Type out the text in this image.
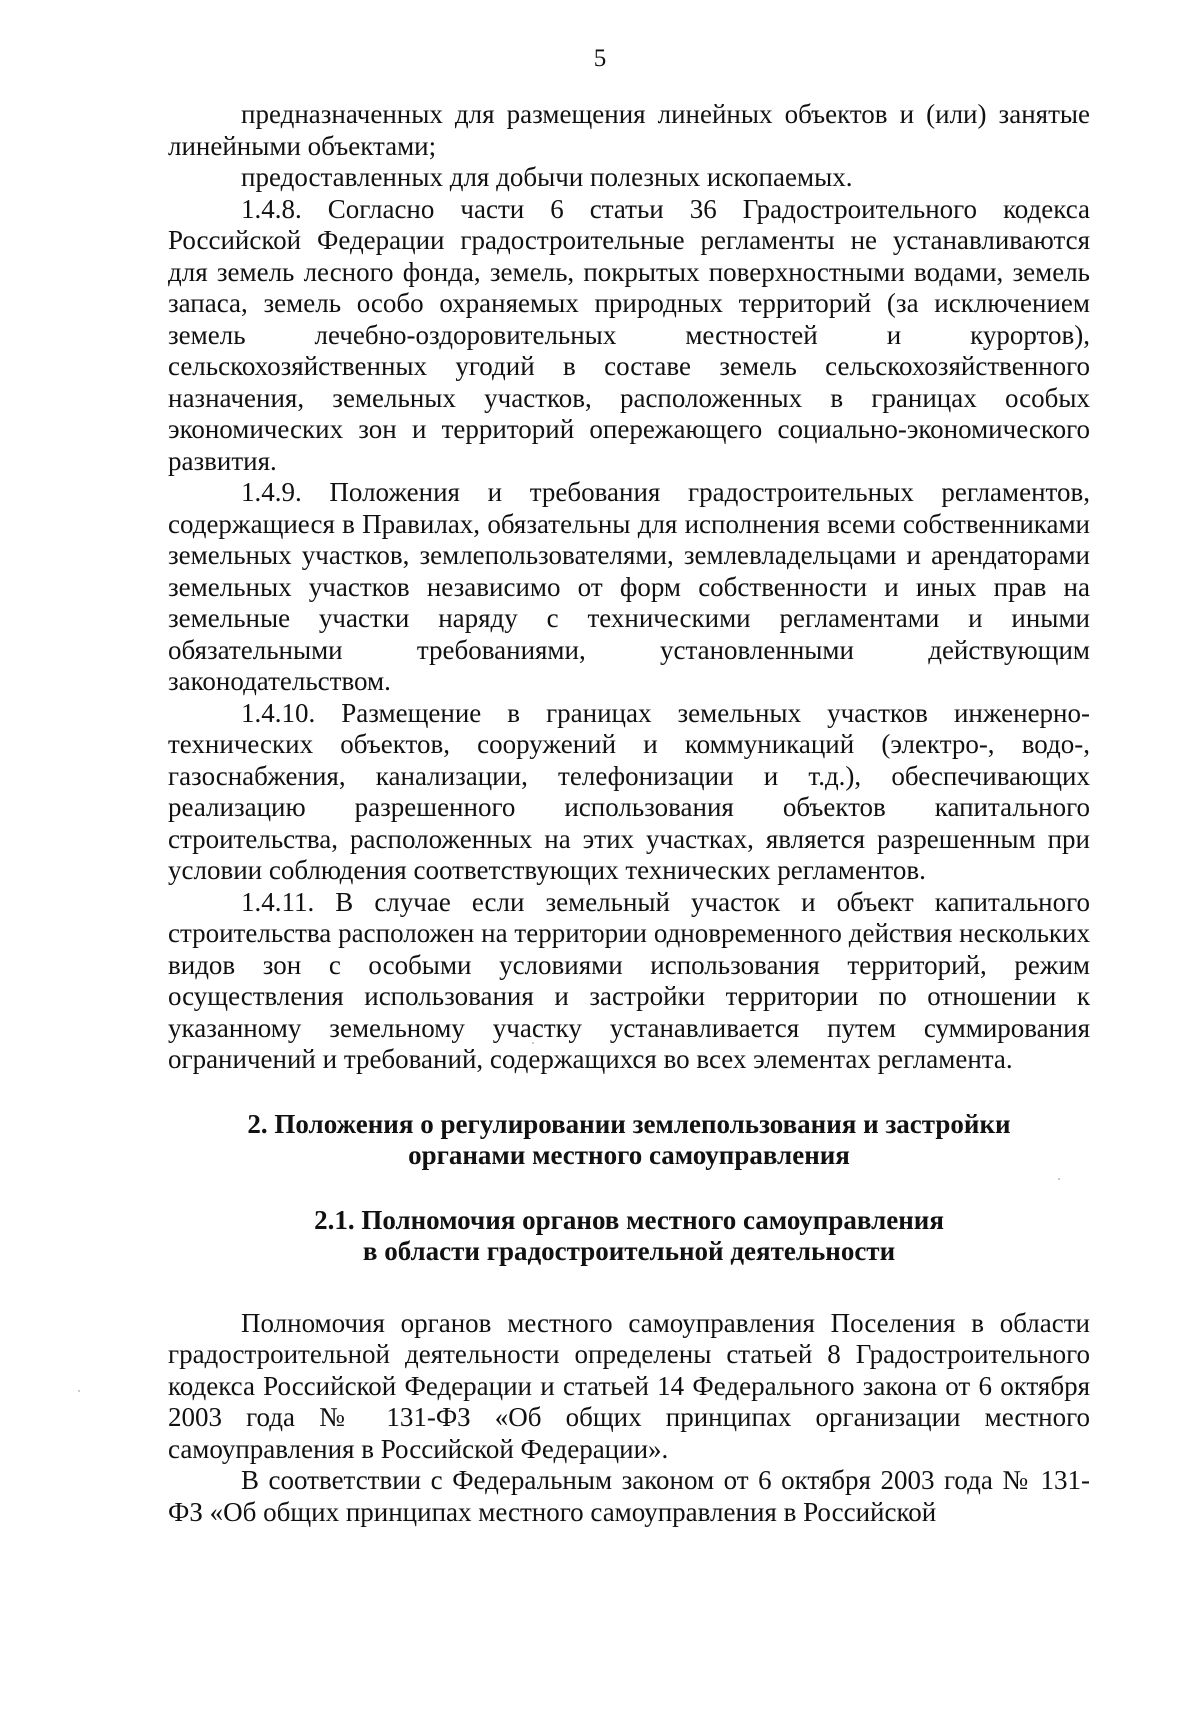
5

предназначенных для размещения линейных объектов и (или) занятые линейными объектами;

предоставленных для добычи полезных ископаемых.

1.4.8. Согласно части 6 статьи 36 Градостроительного кодекса Российской Федерации градостроительные регламенты не устанавливаются для земель лесного фонда, земель, покрытых поверхностными водами, земель запаса, земель особо охраняемых природных территорий (за исключением земель лечебно-оздоровительных местностей и курортов), сельскохозяйственных угодий в составе земель сельскохозяйственного назначения, земельных участков, расположенных в границах особых экономических зон и территорий опережающего социально-экономического развития.

1.4.9. Положения и требования градостроительных регламентов, содержащиеся в Правилах, обязательны для исполнения всеми собственниками земельных участков, землепользователями, землевладельцами и арендаторами земельных участков независимо от форм собственности и иных прав на земельные участки наряду с техническими регламентами и иными обязательными требованиями, установленными действующим законодательством.

1.4.10. Размещение в границах земельных участков инженерно-технических объектов, сооружений и коммуникаций (электро-, водо-, газоснабжения, канализации, телефонизации и т.д.), обеспечивающих реализацию разрешенного использования объектов капитального строительства, расположенных на этих участках, является разрешенным при условии соблюдения соответствующих технических регламентов.

1.4.11. В случае если земельный участок и объект капитального строительства расположен на территории одновременного действия нескольких видов зон с особыми условиями использования территорий, режим осуществления использования и застройки территории по отношении к указанному земельному участку устанавливается путем суммирования ограничений и требований, содержащихся во всех элементах регламента.

2. Положения о регулировании землепользования и застройки
органами местного самоуправления
2.1. Полномочия органов местного самоуправления
в области градостроительной деятельности

Полномочия органов местного самоуправления Поселения в области градостроительной деятельности определены статьей 8 Градостроительного кодекса Российской Федерации и статьей 14 Федерального закона от 6 октября 2003 года № 131-ФЗ «Об общих принципах организации местного самоуправления в Российской Федерации».

В соответствии с Федеральным законом от 6 октября 2003 года № 131-ФЗ «Об общих принципах местного самоуправления в Российской
